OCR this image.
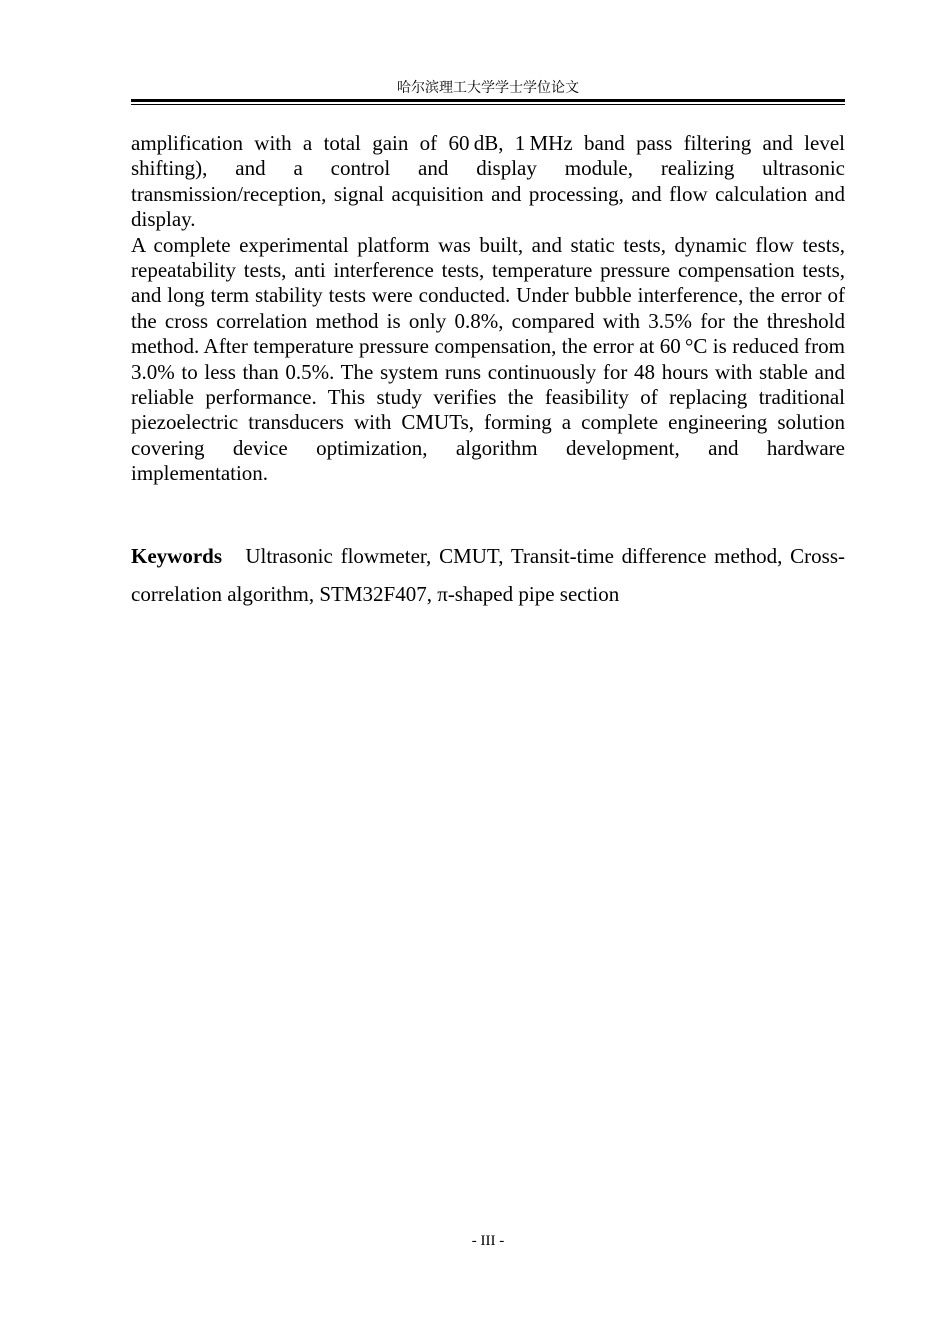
哈尔滨理工大学学士学位论文

amplification with a total gain of 60 dB, 1 MHz band pass filtering and level shifting), and a control and display module, realizing ultrasonic transmission/reception, signal acquisition and processing, and flow calculation and display.

A complete experimental platform was built, and static tests, dynamic flow tests, repeatability tests, anti interference tests, temperature pressure compensation tests, and long term stability tests were conducted. Under bubble interference, the error of the cross correlation method is only 0.8%, compared with 3.5% for the threshold method. After temperature pressure compensation, the error at 60 °C is reduced from 3.0% to less than 0.5%. The system runs continuously for 48 hours with stable and reliable performance. This study verifies the feasibility of replacing traditional piezoelectric transducers with CMUTs, forming a complete engineering solution covering device optimization, algorithm development, and hardware implementation.

Keywords Ultrasonic flowmeter, CMUT, Transit-time difference method, Cross-correlation algorithm, STM32F407, π-shaped pipe section
- III -
